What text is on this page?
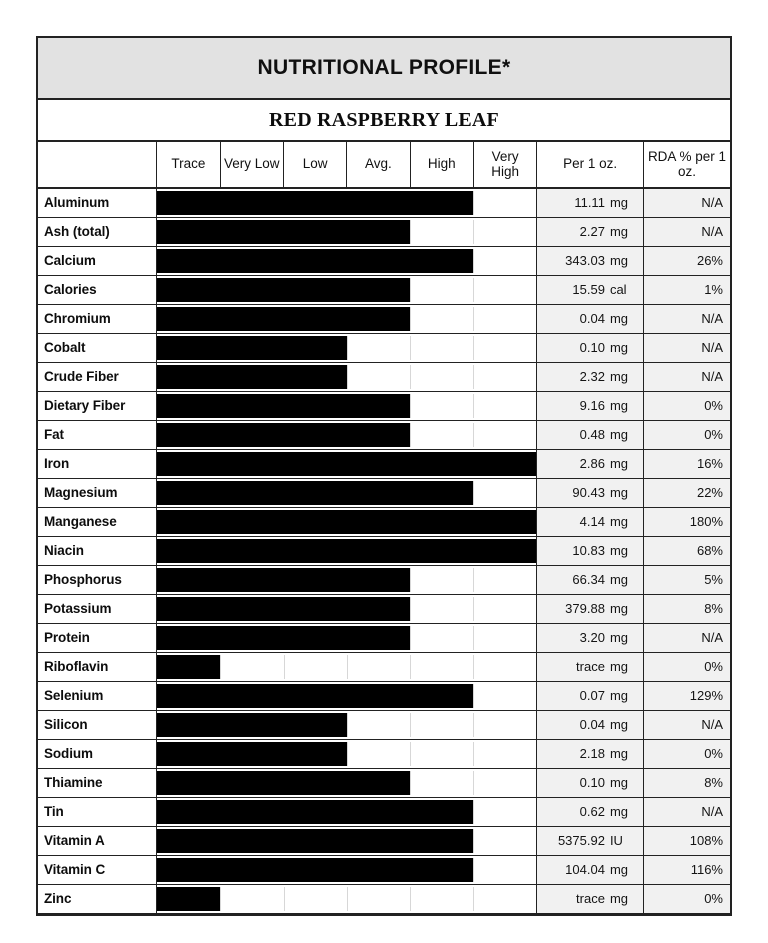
NUTRITIONAL PROFILE*
RED RASPBERRY LEAF
	Trace	Very Low	Low	Avg.	High	Very High	Per 1 oz.	RDA % per 1 oz.
Aluminum							11.11 mg	N/A
Ash (total)							2.27 mg	N/A
Calcium							343.03 mg	26%
Calories							15.59 cal	1%
Chromium							0.04 mg	N/A
Cobalt							0.10 mg	N/A
Crude Fiber							2.32 mg	N/A
Dietary Fiber							9.16 mg	0%
Fat							0.48 mg	0%
Iron							2.86 mg	16%
Magnesium							90.43 mg	22%
Manganese							4.14 mg	180%
Niacin							10.83 mg	68%
Phosphorus							66.34 mg	5%
Potassium							379.88 mg	8%
Protein							3.20 mg	N/A
Riboflavin							trace mg	0%
Selenium							0.07 mg	129%
Silicon							0.04 mg	N/A
Sodium							2.18 mg	0%
Thiamine							0.10 mg	8%
Tin							0.62 mg	N/A
Vitamin A							5375.92 IU	108%
Vitamin C							104.04 mg	116%
Zinc							trace mg	0%
